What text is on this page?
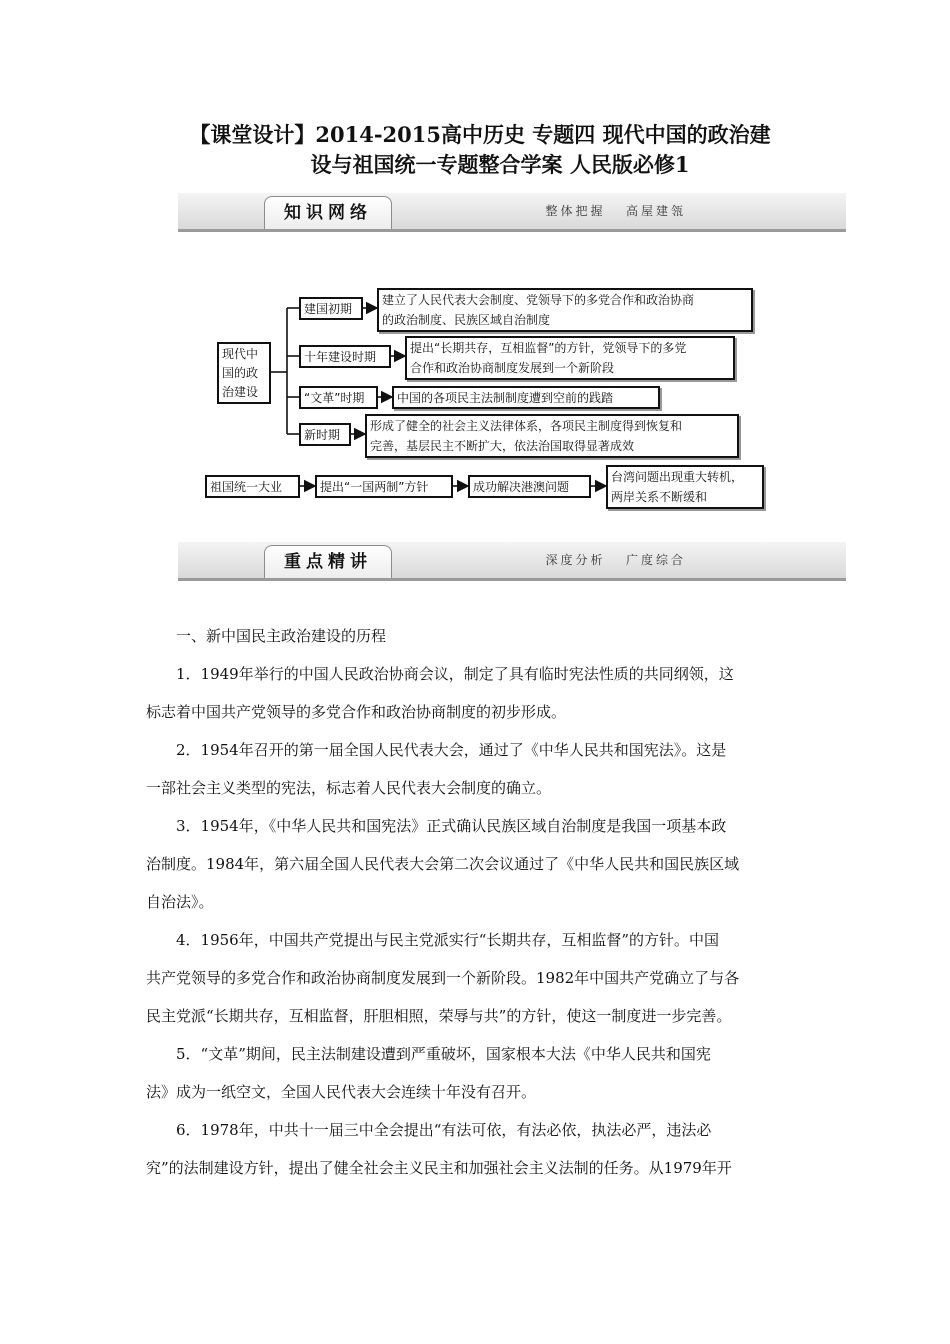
【课堂设计】2014-2015高中历史 专题四 现代中国的政治建
设与祖国统一专题整合学案 人民版必修1
知识网络	整体把握   高屋建瓴
现代中国的政治建设
建国初期
建立了人民代表大会制度、党领导下的多党合作和政治协商
的政治制度、民族区域自治制度
十年建设时期
提出“长期共存，互相监督”的方针，党领导下的多党
合作和政治协商制度发展到一个新阶段
“文革”时期	中国的各项民主法制制度遭到空前的践踏
新时期
形成了健全的社会主义法律体系，各项民主制度得到恢复和
完善，基层民主不断扩大，依法治国取得显著成效
祖国统一大业	提出“一国两制”方针	成功解决港澳问题
台湾问题出现重大转机，
两岸关系不断缓和
重点精讲	深度分析   广度综合

一、新中国民主政治建设的历程

1．1949年举行的中国人民政治协商会议，制定了具有临时宪法性质的共同纲领，这

标志着中国共产党领导的多党合作和政治协商制度的初步形成。

2．1954年召开的第一届全国人民代表大会，通过了《中华人民共和国宪法》。这是

一部社会主义类型的宪法，标志着人民代表大会制度的确立。

3．1954年，《中华人民共和国宪法》正式确认民族区域自治制度是我国一项基本政

治制度。1984年，第六届全国人民代表大会第二次会议通过了《中华人民共和国民族区域

自治法》。

4．1956年，中国共产党提出与民主党派实行“长期共存，互相监督”的方针。中国

共产党领导的多党合作和政治协商制度发展到一个新阶段。1982年中国共产党确立了与各

民主党派“长期共存，互相监督，肝胆相照，荣辱与共”的方针，使这一制度进一步完善。

5．“文革”期间，民主法制建设遭到严重破坏，国家根本大法《中华人民共和国宪

法》成为一纸空文，全国人民代表大会连续十年没有召开。

6．1978年，中共十一届三中全会提出“有法可依，有法必依，执法必严，违法必

究”的法制建设方针，提出了健全社会主义民主和加强社会主义法制的任务。从1979年开
